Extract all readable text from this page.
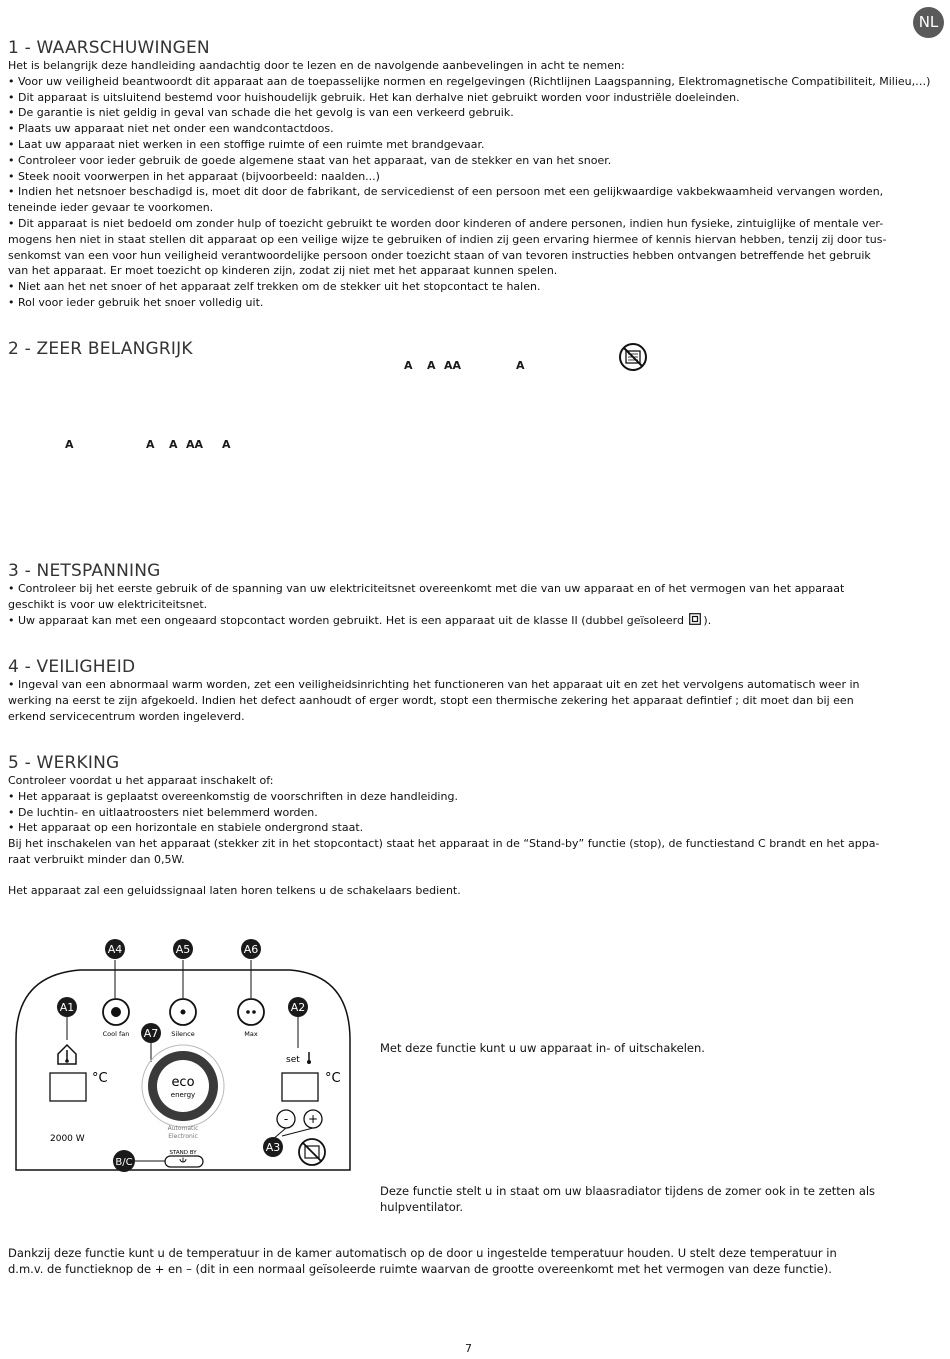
NL
1 - WAARSCHUWINGEN
Het is belangrijk deze handleiding aandachtig door te lezen en de navolgende aanbevelingen in acht te nemen:
• Voor uw veiligheid beantwoordt dit apparaat aan de toepasselijke normen en regelgevingen (Richtlijnen Laagspanning, Elektromagnetische Compatibiliteit, Milieu,…)
• Dit apparaat is uitsluitend bestemd voor huishoudelijk gebruik. Het kan derhalve niet gebruikt worden voor industriële doeleinden.
• De garantie is niet geldig in geval van schade die het gevolg is van een verkeerd gebruik.
• Plaats uw apparaat niet net onder een wandcontactdoos.
• Laat uw apparaat niet werken in een stoffige ruimte of een ruimte met brandgevaar.
• Controleer voor ieder gebruik de goede algemene staat van het apparaat, van de stekker en van het snoer.
• Steek nooit voorwerpen in het apparaat (bijvoorbeeld: naalden...)
• Indien het netsnoer beschadigd is, moet dit door de fabrikant, de servicedienst of een persoon met een gelijkwaardige vakbekwaamheid vervangen worden,
teneinde ieder gevaar te voorkomen.
• Dit apparaat is niet bedoeld om zonder hulp of toezicht gebruikt te worden door kinderen of andere personen, indien hun fysieke, zintuiglijke of mentale ver-
mogens hen niet in staat stellen dit apparaat op een veilige wijze te gebruiken of indien zij geen ervaring hiermee of kennis hiervan hebben, tenzij zij door tus-
senkomst van een voor hun veiligheid verantwoordelijke persoon onder toezicht staan of van tevoren instructies hebben ontvangen betreffende het gebruik
van het apparaat. Er moet toezicht op kinderen zijn, zodat zij niet met het apparaat kunnen spelen.
• Niet aan het net snoer of het apparaat zelf trekken om de stekker uit het stopcontact te halen.
• Rol voor ieder gebruik het snoer volledig uit.
2 - ZEER BELANGRIJK
A A AA	A
A	A A AA A
3 - NETSPANNING
• Controleer bij het eerste gebruik of de spanning van uw elektriciteitsnet overeenkomt met die van uw apparaat en of het vermogen van het apparaat
geschikt is voor uw elektriciteitsnet.
• Uw apparaat kan met een ongeaard stopcontact worden gebruikt. Het is een apparaat uit de klasse II (dubbel geïsoleerd ).
4 - VEILIGHEID
• Ingeval van een abnormaal warm worden, zet een veiligheidsinrichting het functioneren van het apparaat uit en zet het vervolgens automatisch weer in
werking na eerst te zijn afgekoeld. Indien het defect aanhoudt of erger wordt, stopt een thermische zekering het apparaat defintief ; dit moet dan bij een
erkend servicecentrum worden ingeleverd.
5 - WERKING
Controleer voordat u het apparaat inschakelt of:
• Het apparaat is geplaatst overeenkomstig de voorschriften in deze handleiding.
• De luchtin- en uitlaatroosters niet belemmerd worden.
• Het apparaat op een horizontale en stabiele ondergrond staat.
Bij het inschakelen van het apparaat (stekker zit in het stopcontact) staat het apparaat in de “Stand-by” functie (stop), de functiestand C brandt en het appa-
raat verbruikt minder dan 0,5W.
Het apparaat zal een geluidssignaal laten horen telkens u de schakelaars bedient.
A4	A5	A6
Cool fan	Silence	Max
A1	A2
set
°C	°C
A7
eco
energy
Automatic
Electronic
2000 W
- +
A3
B/C
STAND BY
Met deze functie kunt u uw apparaat in- of uitschakelen.
Deze functie stelt u in staat om uw blaasradiator tijdens de zomer ook in te zetten als
hulpventilator.
Dankzij deze functie kunt u de temperatuur in de kamer automatisch op de door u ingestelde temperatuur houden. U stelt deze temperatuur in
d.m.v. de functieknop de + en – (dit in een normaal geïsoleerde ruimte waarvan de grootte overeenkomt met het vermogen van deze functie).
7
